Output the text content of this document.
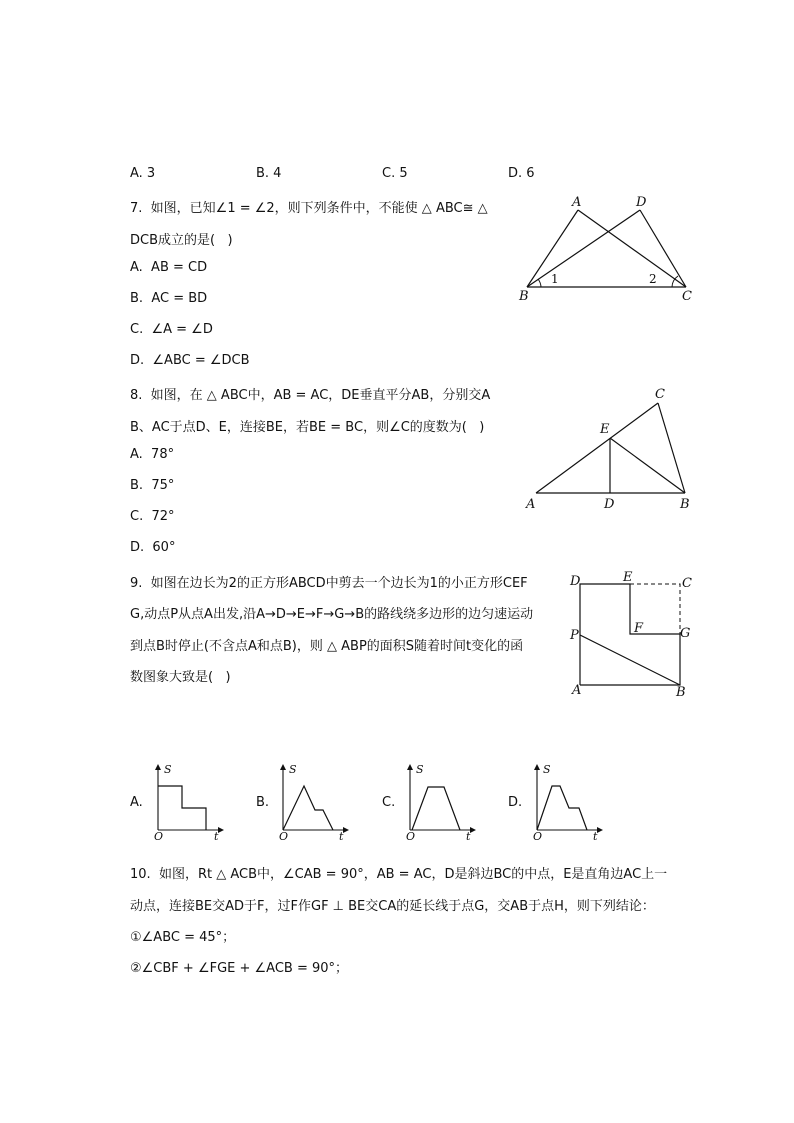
A. 3	B. 4	C. 5	D. 6
7.  如图，已知∠1 = ∠2，则下列条件中，不能使 △ ABC≅ △
DCB成立的是(   )
A.  AB = CD
B.  AC = BD
C.  ∠A = ∠D
D.  ∠ABC = ∠DCB
A	D
B	C
1	2
8.  如图，在 △ ABC中，AB = AC，DE垂直平分AB，分别交A
B、AC于点D、E，连接BE，若BE = BC，则∠C的度数为(   )
A.  78°
B.  75°
C.  72°
D.  60°
C
E
A	D	B
9.  如图在边长为2的正方形ABCD中剪去一个边长为1的小正方形CEF
G,动点P从点A出发,沿A→D→E→F→G→B的路线绕多边形的边匀速运动
到点B时停止(不含点A和点B)，则 △ ABP的面积S随着时间t变化的函
数图象大致是(   )
D	E	C
P	F	G
A	B
A.
S
t
O
B.
S
t
O
C.
S
t
O
D.
S
t
O
10.  如图，Rt △ ACB中，∠CAB = 90°，AB = AC，D是斜边BC的中点，E是直角边AC上一
动点，连接BE交AD于F，过F作GF ⊥ BE交CA的延长线于点G，交AB于点H，则下列结论：
①∠ABC = 45°；
②∠CBF + ∠FGE + ∠ACB = 90°；
